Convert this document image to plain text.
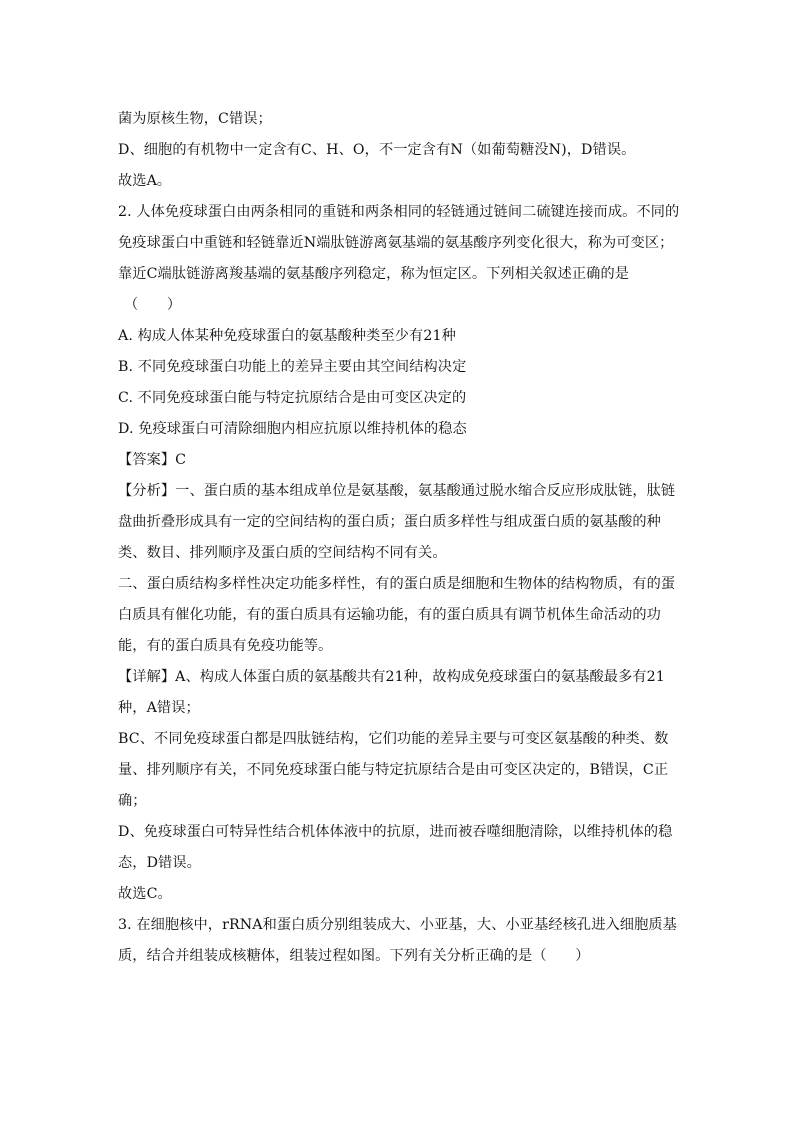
菌为原核生物，C错误；
D、细胞的有机物中一定含有C、H、O，不一定含有N（如葡萄糖没N)，D错误。
故选A。
2. 人体免疫球蛋白由两条相同的重链和两条相同的轻链通过链间二硫键连接而成。不同的
免疫球蛋白中重链和轻链靠近N端肽链游离氨基端的氨基酸序列变化很大，称为可变区；
靠近C端肽链游离羧基端的氨基酸序列稳定，称为恒定区。下列相关叙述正确的是
（　　）
A. 构成人体某种免疫球蛋白的氨基酸种类至少有21种
B. 不同免疫球蛋白功能上的差异主要由其空间结构决定
C. 不同免疫球蛋白能与特定抗原结合是由可变区决定的
D. 免疫球蛋白可清除细胞内相应抗原以维持机体的稳态
【答案】C
【分析】一、蛋白质的基本组成单位是氨基酸，氨基酸通过脱水缩合反应形成肽链，肽链
盘曲折叠形成具有一定的空间结构的蛋白质；蛋白质多样性与组成蛋白质的氨基酸的种
类、数目、排列顺序及蛋白质的空间结构不同有关。
二、蛋白质结构多样性决定功能多样性，有的蛋白质是细胞和生物体的结构物质，有的蛋
白质具有催化功能，有的蛋白质具有运输功能，有的蛋白质具有调节机体生命活动的功
能，有的蛋白质具有免疫功能等。
【详解】A、构成人体蛋白质的氨基酸共有21种，故构成免疫球蛋白的氨基酸最多有21
种，A错误；
BC、不同免疫球蛋白都是四肽链结构，它们功能的差异主要与可变区氨基酸的种类、数
量、排列顺序有关，不同免疫球蛋白能与特定抗原结合是由可变区决定的，B错误，C正
确；
D、免疫球蛋白可特异性结合机体体液中的抗原，进而被吞噬细胞清除，以维持机体的稳
态，D错误。
故选C。
3. 在细胞核中，rRNA和蛋白质分别组装成大、小亚基，大、小亚基经核孔进入细胞质基
质，结合并组装成核糖体，组装过程如图。下列有关分析正确的是（　　）
